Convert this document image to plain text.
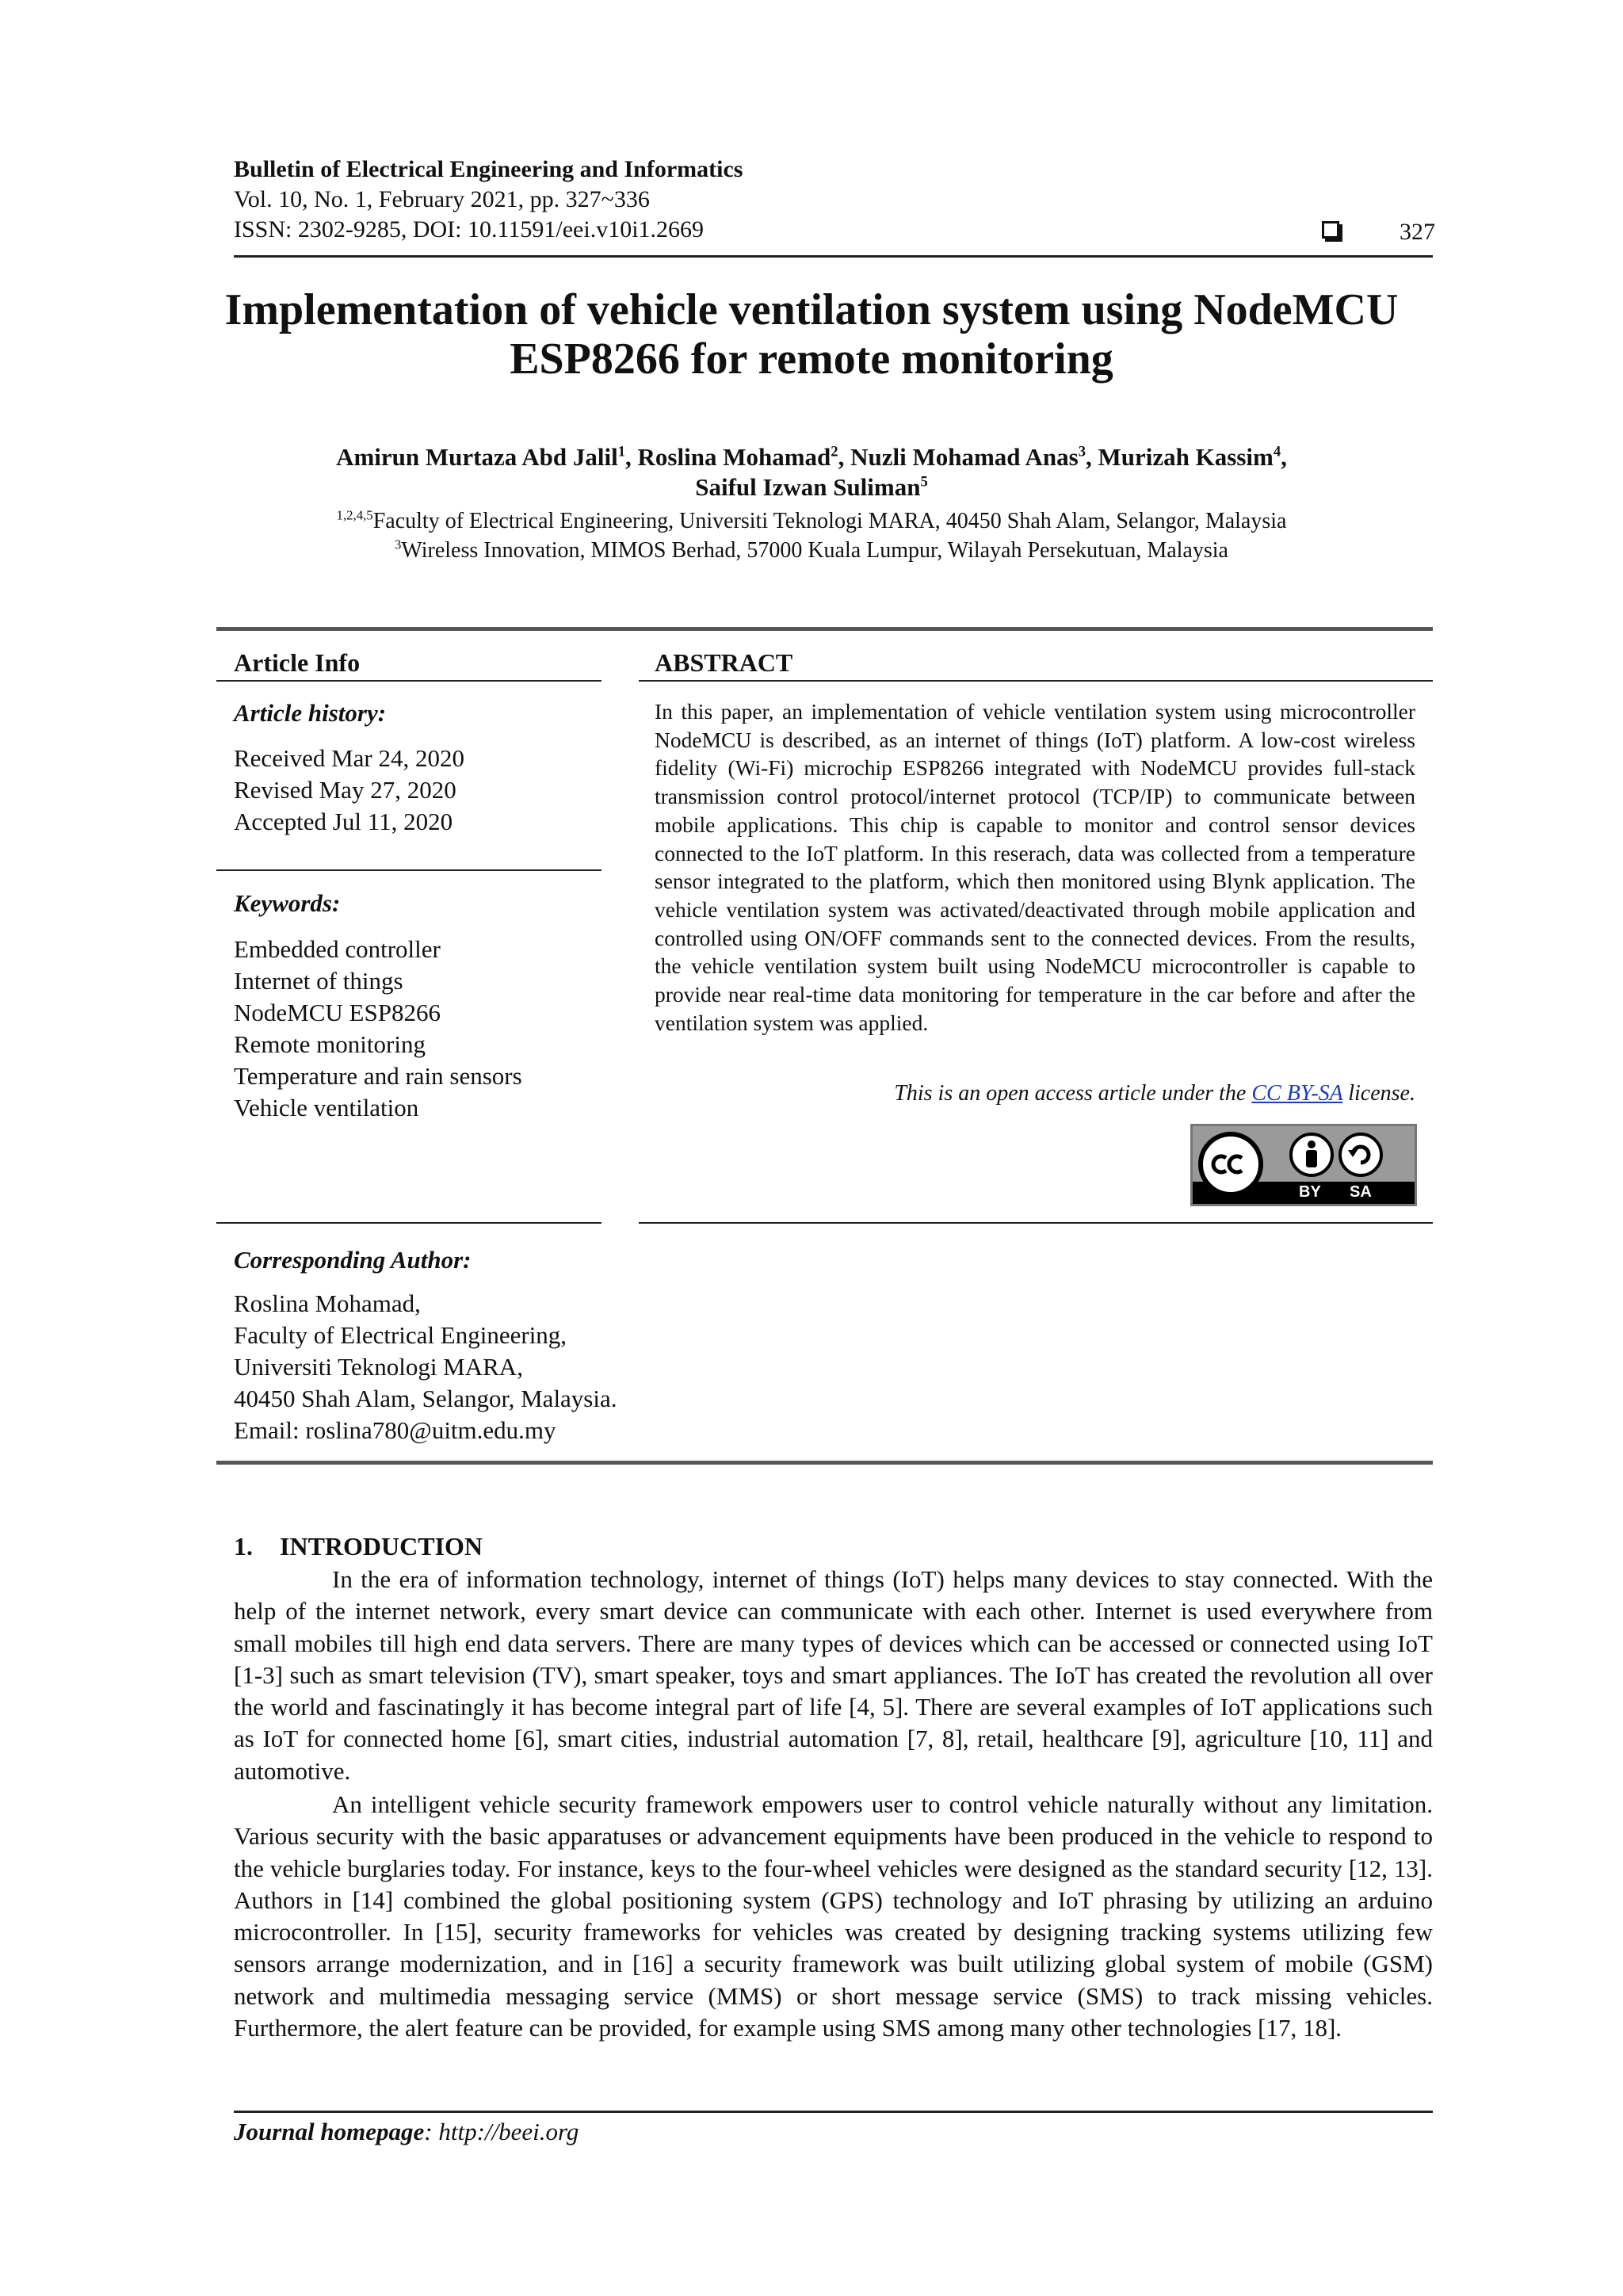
Bulletin of Electrical Engineering and Informatics
Vol. 10, No. 1, February 2021, pp. 327~336
ISSN: 2302-9285, DOI: 10.11591/eei.v10i1.2669	327
Implementation of vehicle ventilation system using NodeMCU
ESP8266 for remote monitoring
Amirun Murtaza Abd Jalil$^1$, Roslina Mohamad$^2$, Nuzli Mohamad Anas$^3$, Murizah Kassim$^4$,
Saiful Izwan Suliman$^5$
$^{1,2,4,5}$Faculty of Electrical Engineering, Universiti Teknologi MARA, 40450 Shah Alam, Selangor, Malaysia
$^3$Wireless Innovation, MIMOS Berhad, 57000 Kuala Lumpur, Wilayah Persekutuan, Malaysia
Article Info
Article history:
Received Mar 24, 2020
Revised May 27, 2020
Accepted Jul 11, 2020
Keywords:
Embedded controller
Internet of things
NodeMCU ESP8266
Remote monitoring
Temperature and rain sensors
Vehicle ventilation
ABSTRACT
In this paper, an implementation of vehicle ventilation system using microcontroller NodeMCU is described, as an internet of things (IoT) platform. A low-cost wireless fidelity (Wi-Fi) microchip ESP8266 integrated with NodeMCU provides full-stack transmission control protocol/internet protocol (TCP/IP) to communicate between mobile applications. This chip is capable to monitor and control sensor devices connected to the IoT platform. In this reserach, data was collected from a temperature sensor integrated to the platform, which then monitored using Blynk application. The vehicle ventilation system was activated/deactivated through mobile application and controlled using ON/OFF commands sent to the connected devices. From the results, the vehicle ventilation system built using NodeMCU microcontroller is capable to provide near real-time data monitoring for temperature in the car before and after the ventilation system was applied.
This is an open access article under the CC BY-SA license.
BY SA
Corresponding Author:
Roslina Mohamad,
Faculty of Electrical Engineering,
Universiti Teknologi MARA,
40450 Shah Alam, Selangor, Malaysia.
Email: roslina780@uitm.edu.my
1. INTRODUCTION
In the era of information technology, internet of things (IoT) helps many devices to stay connected. With the help of the internet network, every smart device can communicate with each other. Internet is used everywhere from small mobiles till high end data servers. There are many types of devices which can be accessed or connected using IoT [1-3] such as smart television (TV), smart speaker, toys and smart appliances. The IoT has created the revolution all over the world and fascinatingly it has become integral part of life [4, 5]. There are several examples of IoT applications such as IoT for connected home [6], smart cities, industrial automation [7, 8], retail, healthcare [9], agriculture [10, 11] and automotive.
An intelligent vehicle security framework empowers user to control vehicle naturally without any limitation. Various security with the basic apparatuses or advancement equipments have been produced in the vehicle to respond to the vehicle burglaries today. For instance, keys to the four-wheel vehicles were designed as the standard security [12, 13]. Authors in [14] combined the global positioning system (GPS) technology and IoT phrasing by utilizing an arduino microcontroller. In [15], security frameworks for vehicles was created by designing tracking systems utilizing few sensors arrange modernization, and in [16] a security framework was built utilizing global system of mobile (GSM) network and multimedia messaging service (MMS) or short message service (SMS) to track missing vehicles. Furthermore, the alert feature can be provided, for example using SMS among many other technologies [17, 18].
Journal homepage: http://beei.org
